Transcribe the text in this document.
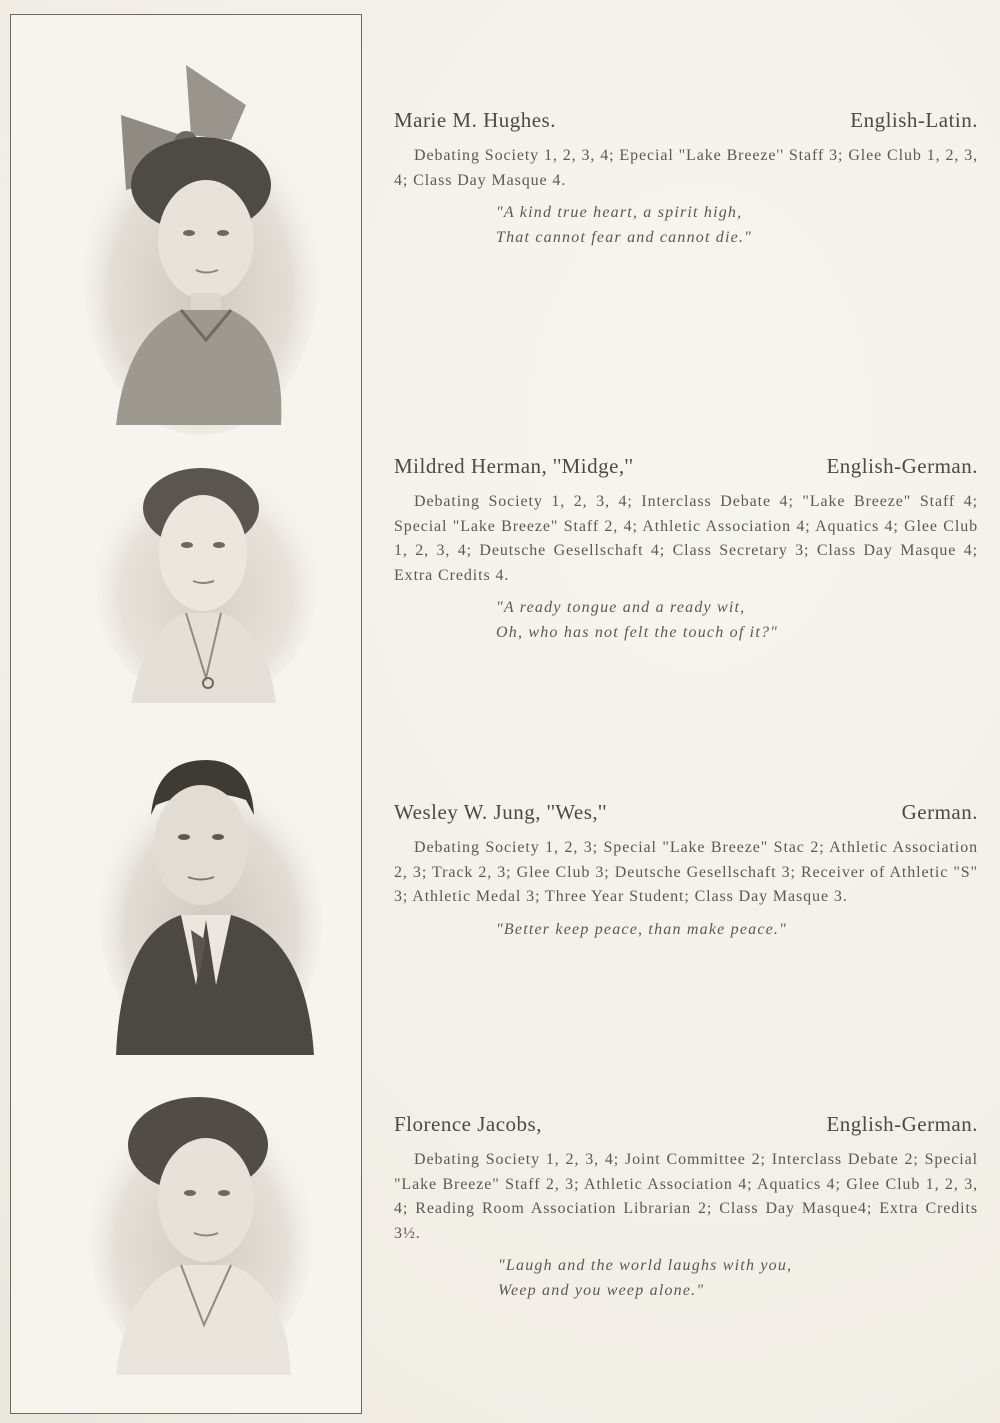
Marie M. Hughes.	English-Latin.
Debating Society 1, 2, 3, 4; Epecial "Lake Breeze'' Staff 3; Glee Club 1, 2, 3, 4; Class Day Masque 4.
"A kind true heart, a spirit high,
That cannot fear and cannot die."
Mildred Herman, ''Midge,''	English-German.
Debating Society 1, 2, 3, 4; Interclass Debate 4; "Lake Breeze" Staff 4; Special "Lake Breeze" Staff 2, 4; Athletic Association 4; Aquatics 4; Glee Club 1, 2, 3, 4; Deutsche Gesellschaft 4; Class Secretary 3; Class Day Masque 4; Extra Credits 4.
"A ready tongue and a ready wit,
Oh, who has not felt the touch of it?"
Wesley W. Jung, ''Wes,''	German.
Debating Society 1, 2, 3; Special "Lake Breeze" Stac 2; Athletic Association 2, 3; Track 2, 3; Glee Club 3; Deutsche Gesellschaft 3; Receiver of Athletic "S" 3; Athletic Medal 3; Three Year Student; Class Day Masque 3.
"Better keep peace, than make peace."
Florence Jacobs,	English-German.
Debating Society 1, 2, 3, 4; Joint Committee 2; Interclass Debate 2; Special "Lake Breeze" Staff 2, 3; Athletic Association 4; Aquatics 4; Glee Club 1, 2, 3, 4; Reading Room Association Librarian 2; Class Day Masque4; Extra Credits 3½.
"Laugh and the world laughs with you,
Weep and you weep alone."
